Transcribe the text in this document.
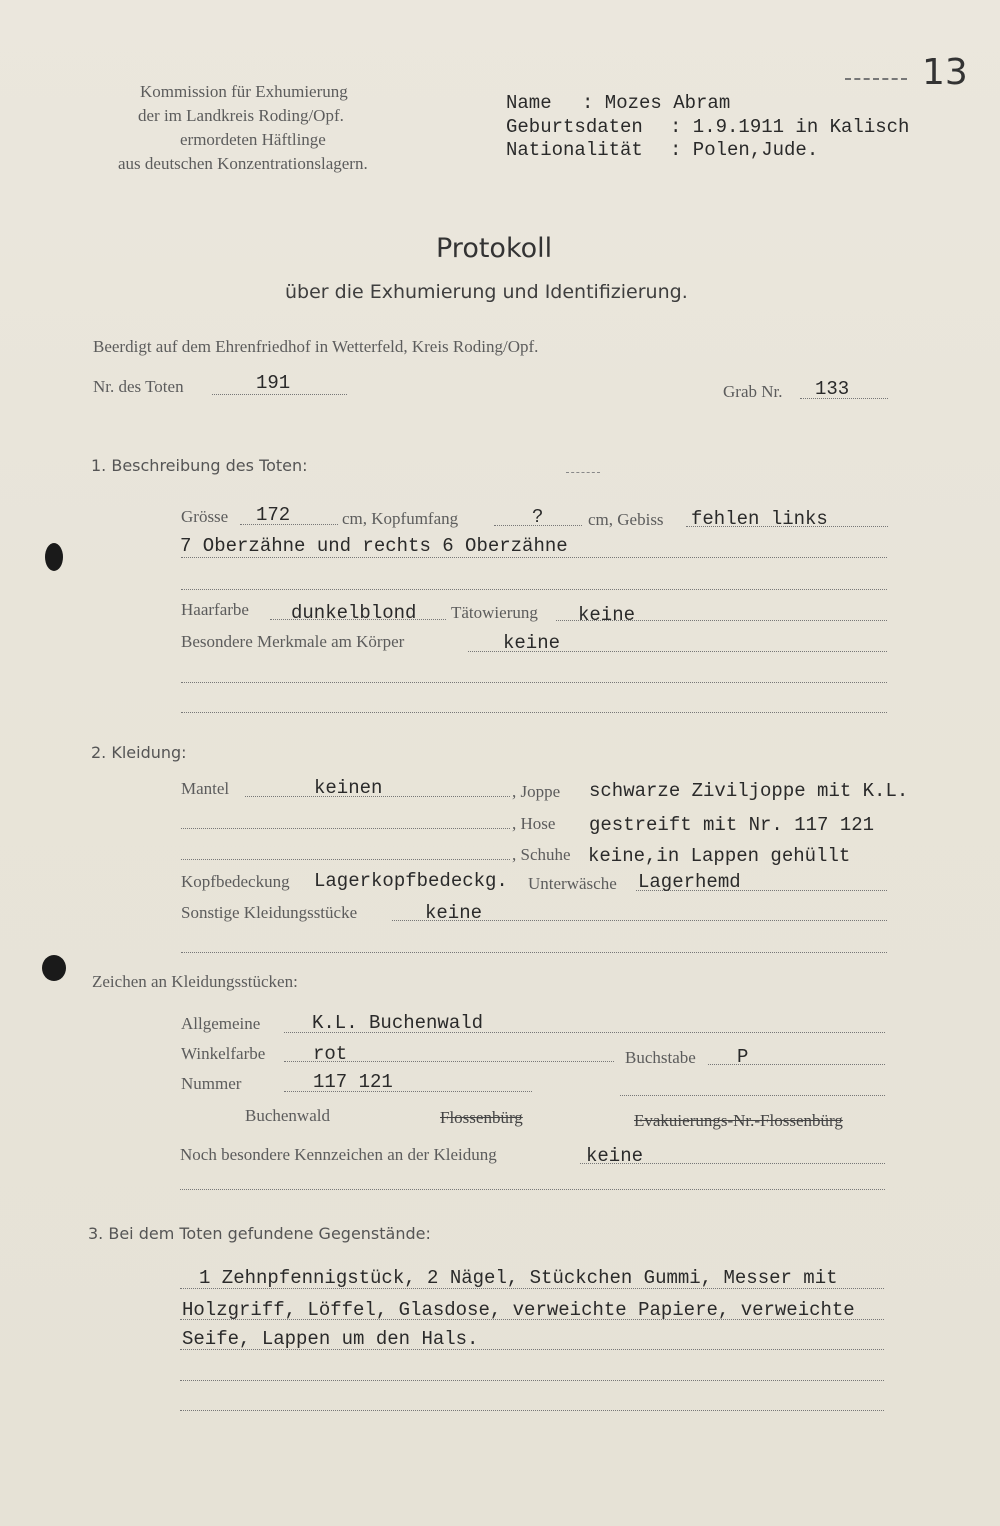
13
Kommission für Exhumierung
der im Landkreis Roding/Opf.
ermordeten Häftlinge
aus deutschen Konzentrationslagern.
Name : Mozes Abram
Geburtsdaten : 1.9.1911 in Kalisch
Nationalität : Polen,Jude.
Protokoll
über die Exhumierung und Identifizierung.
Beerdigt auf dem Ehrenfriedhof in Wetterfeld, Kreis Roding/Opf.
Nr. des Toten	191	Grab Nr. 133
1. Beschreibung des Toten:
Grösse 172	cm, Kopfumfang	?	cm, Gebiss fehlen links
7 Oberzähne und rechts 6 Oberzähne
Haarfarbe dunkelblond Tätowierung keine
Besondere Merkmale am Körper	keine
2. Kleidung:
Mantel	keinen	, Joppe schwarze Ziviljoppe mit K.L.
, Hose gestreift mit Nr. 117 121
, Schuhe keine,in Lappen gehüllt
Kopfbedeckung Lagerkopfbedeckg. Unterwäsche Lagerhemd
Sonstige Kleidungsstücke	keine
Zeichen an Kleidungsstücken:
Allgemeine	K.L. Buchenwald
Winkelfarbe	rot	Buchstabe P
Nummer	117 121
Buchenwald	Flossenbürg	Evakuierungs-Nr.-Flossenbürg
Noch besondere Kennzeichen an der Kleidung	keine
3. Bei dem Toten gefundene Gegenstände:
1 Zehnpfennigstück, 2 Nägel, Stückchen Gummi, Messer mit
Holzgriff, Löffel, Glasdose, verweichte Papiere, verweichte
Seife, Lappen um den Hals.
